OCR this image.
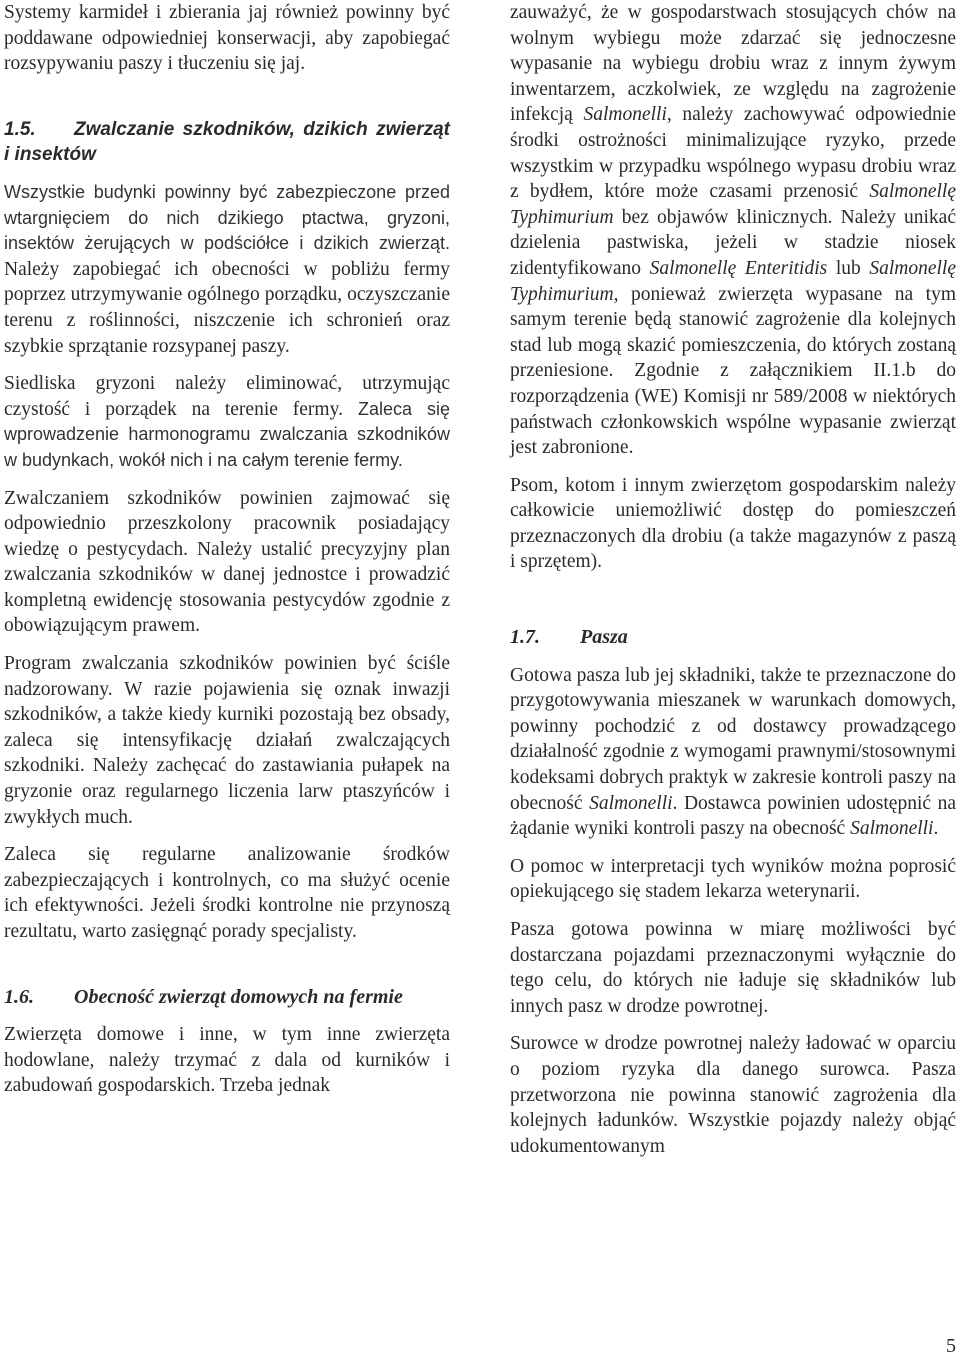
Systemy karmideł i zbierania jaj również powinny być poddawane odpowiedniej konserwacji, aby zapobiegać rozsypywaniu paszy i tłuczeniu się jaj.

1.5. Zwalczanie szkodników, dzikich zwierząt i insektów

Wszystkie budynki powinny być zabezpieczone przed wtargnięciem do nich dzikiego ptactwa, gryzoni, insektów żerujących w podściółce i dzikich zwierząt. Należy zapobiegać ich obecności w pobliżu fermy poprzez utrzymywanie ogólnego porządku, oczyszczanie terenu z roślinności, niszczenie ich schronień oraz szybkie sprzątanie rozsypanej paszy.

Siedliska gryzoni należy eliminować, utrzymując czystość i porządek na terenie fermy. Zaleca się wprowadzenie harmonogramu zwalczania szkodników w budynkach, wokół nich i na całym terenie fermy.

Zwalczaniem szkodników powinien zajmować się odpowiednio przeszkolony pracownik posiadający wiedzę o pestycydach. Należy ustalić precyzyjny plan zwalczania szkodników w danej jednostce i prowadzić kompletną ewidencję stosowania pestycydów zgodnie z obowiązującym prawem.

Program zwalczania szkodników powinien być ściśle nadzorowany. W razie pojawienia się oznak inwazji szkodników, a także kiedy kurniki pozostają bez obsady, zaleca się intensyfikację działań zwalczających szkodniki. Należy zachęcać do zastawiania pułapek na gryzonie oraz regularnego liczenia larw ptaszyńców i zwykłych much.

Zaleca się regularne analizowanie środków zabezpieczających i kontrolnych, co ma służyć ocenie ich efektywności. Jeżeli środki kontrolne nie przynoszą rezultatu, warto zasięgnąć porady specjalisty.

1.6. Obecność zwierząt domowych na fermie

Zwierzęta domowe i inne, w tym inne zwierzęta hodowlane, należy trzymać z dala od kurników i zabudowań gospodarskich. Trzeba jednak

zauważyć, że w gospodarstwach stosujących chów na wolnym wybiegu może zdarzać się jednoczesne wypasanie na wybiegu drobiu wraz z innym żywym inwentarzem, aczkolwiek, ze względu na zagrożenie infekcją Salmonelli, należy zachowywać odpowiednie środki ostrożności minimalizujące ryzyko, przede wszystkim w przypadku wspólnego wypasu drobiu wraz z bydłem, które może czasami przenosić Salmonellę Typhimurium bez objawów klinicznych. Należy unikać dzielenia pastwiska, jeżeli w stadzie niosek zidentyfikowano Salmonellę Enteritidis lub Salmonellę Typhimurium, ponieważ zwierzęta wypasane na tym samym terenie będą stanowić zagrożenie dla kolejnych stad lub mogą skazić pomieszczenia, do których zostaną przeniesione. Zgodnie z załącznikiem II.1.b do rozporządzenia (WE) Komisji nr 589/2008 w niektórych państwach członkowskich wspólne wypasanie zwierząt jest zabronione.

Psom, kotom i innym zwierzętom gospodarskim należy całkowicie uniemożliwić dostęp do pomieszczeń przeznaczonych dla drobiu (a także magazynów z paszą i sprzętem).

1.7. Pasza

Gotowa pasza lub jej składniki, także te przeznaczone do przygotowywania mieszanek w warunkach domowych, powinny pochodzić z od dostawcy prowadzącego działalność zgodnie z wymogami prawnymi/stosownymi kodeksami dobrych praktyk w zakresie kontroli paszy na obecność Salmonelli. Dostawca powinien udostępnić na żądanie wyniki kontroli paszy na obecność Salmonelli.

O pomoc w interpretacji tych wyników można poprosić opiekującego się stadem lekarza weterynarii.

Pasza gotowa powinna w miarę możliwości być dostarczana pojazdami przeznaczonymi wyłącznie do tego celu, do których nie ładuje się składników lub innych pasz w drodze powrotnej.

Surowce w drodze powrotnej należy ładować w oparciu o poziom ryzyka dla danego surowca. Pasza przetworzona nie powinna stanowić zagrożenia dla kolejnych ładunków. Wszystkie pojazdy należy objąć udokumentowanym

5
